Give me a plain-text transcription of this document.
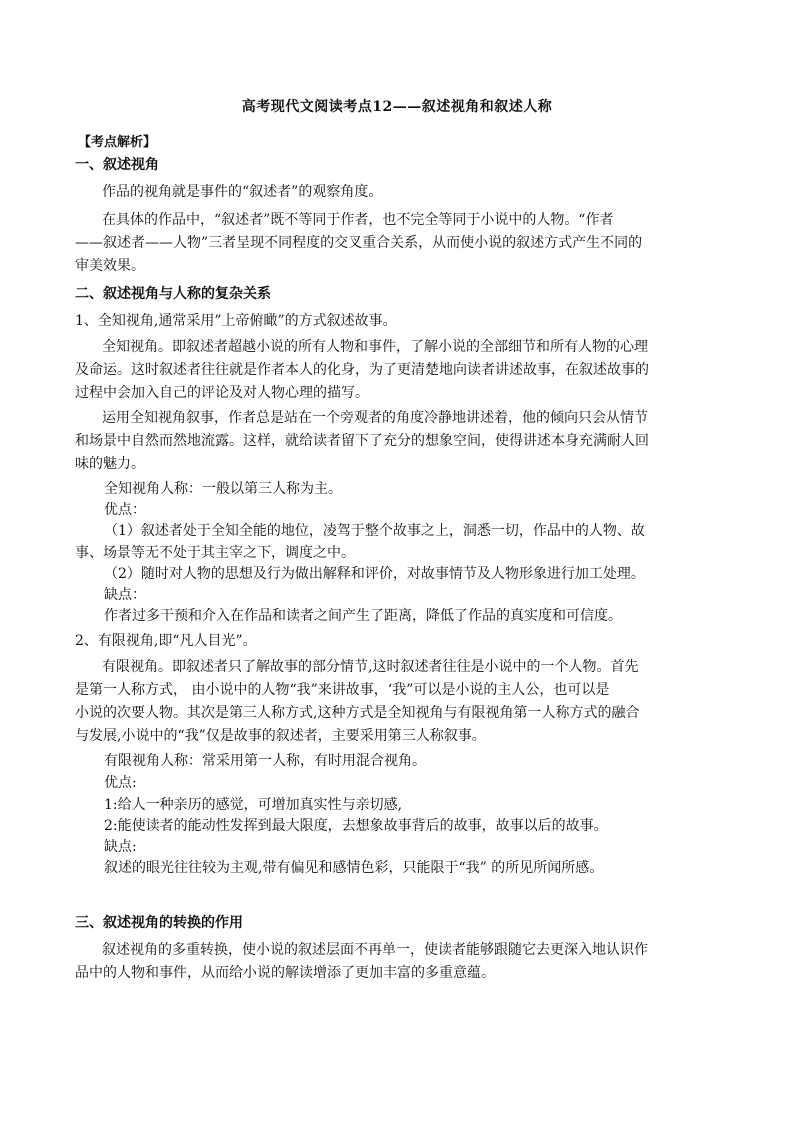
高考现代文阅读考点12——叙述视角和叙述人称
【考点解析】
一、叙述视角
作品的视角就是事件的“叙述者”的观察角度。
在具体的作品中，“叙述者”既不等同于作者，也不完全等同于小说中的人物。“作者
——叙述者——人物”三者呈现不同程度的交叉重合关系，从而使小说的叙述方式产生不同的
审美效果。
二、叙述视角与人称的复杂关系
1、全知视角,通常采用”上帝俯瞰”的方式叙述故事。
全知视角。即叙述者超越小说的所有人物和事件，了解小说的全部细节和所有人物的心理
及命运。这时叙述者往往就是作者本人的化身，为了更清楚地向读者讲述故事，在叙述故事的
过程中会加入自己的评论及对人物心理的描写。
运用全知视角叙事，作者总是站在一个旁观者的角度冷静地讲述着，他的倾向只会从情节
和场景中自然而然地流露。这样，就给读者留下了充分的想象空间，使得讲述本身充满耐人回
味的魅力。
全知视角人称：一般以第三人称为主。
优点：
（1）叙述者处于全知全能的地位，凌驾于整个故事之上，洞悉一切，作品中的人物、故
事、场景等无不处于其主宰之下，调度之中。
（2）随时对人物的思想及行为做出解释和评价，对故事情节及人物形象进行加工处理。
缺点：
作者过多干预和介入在作品和读者之间产生了距离，降低了作品的真实度和可信度。
2、有限视角,即“凡人目光”。
有限视角。即叙述者只了解故事的部分情节,这时叙述者往往是小说中的一个人物。首先
是第一人称方式， 由小说中的人物“我”来讲故事，‘我”可以是小说的主人公，也可以是
小说的次要人物。其次是第三人称方式,这种方式是全知视角与有限视角第一人称方式的融合
与发展,小说中的“我”仅是故事的叙述者，主要采用第三人称叙事。
有限视角人称：常采用第一人称，有时用混合视角。
优点:
1:给人一种亲历的感觉，可增加真实性与亲切感,
2:能使读者的能动性发挥到最大限度，去想象故事背后的故事，故事以后的故事。
缺点:
叙述的眼光往往较为主观,带有偏见和感情色彩，只能限于“我” 的所见所闻所感。
三、叙述视角的转换的作用
叙述视角的多重转换，使小说的叙述层面不再单一，使读者能够跟随它去更深入地认识作
品中的人物和事件，从而给小说的解读增添了更加丰富的多重意蕴。
